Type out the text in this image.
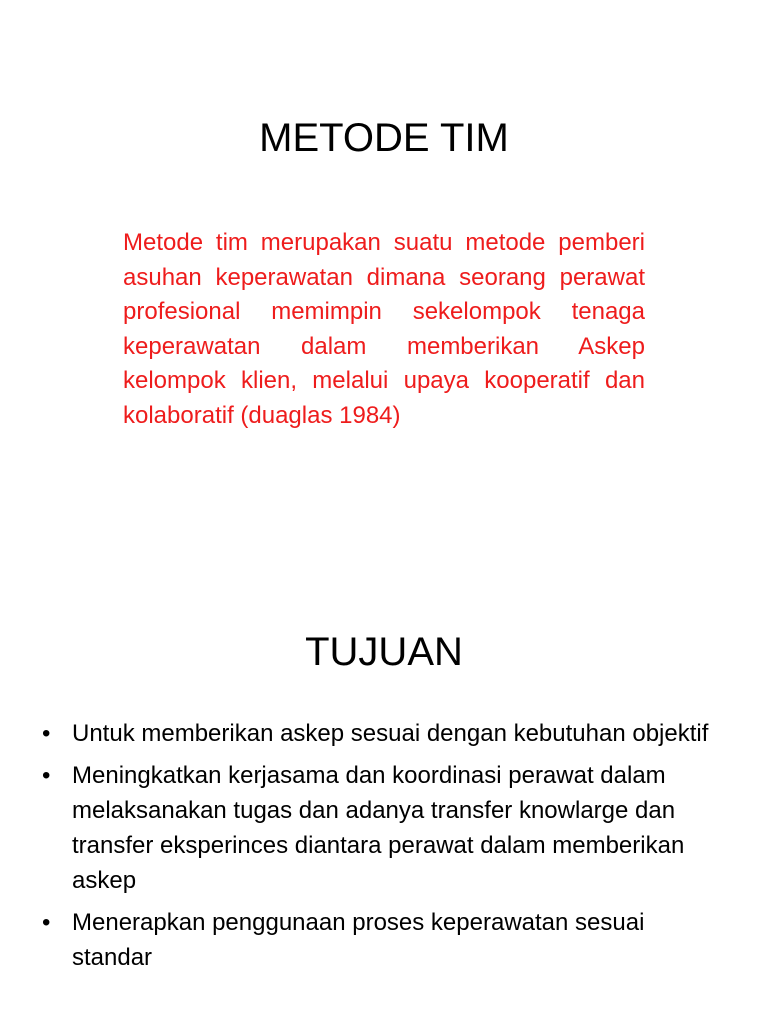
METODE TIM

Metode tim merupakan suatu metode pemberi asuhan keperawatan dimana seorang perawat profesional memimpin sekelompok tenaga keperawatan dalam memberikan Askep kelompok klien, melalui upaya kooperatif dan kolaboratif (duaglas 1984)

TUJUAN
• Untuk memberikan askep sesuai dengan kebutuhan objektif
• Meningkatkan kerjasama dan koordinasi perawat dalam melaksanakan tugas dan adanya transfer knowlarge dan transfer eksperinces diantara perawat dalam memberikan askep
• Menerapkan penggunaan proses keperawatan sesuai standar
